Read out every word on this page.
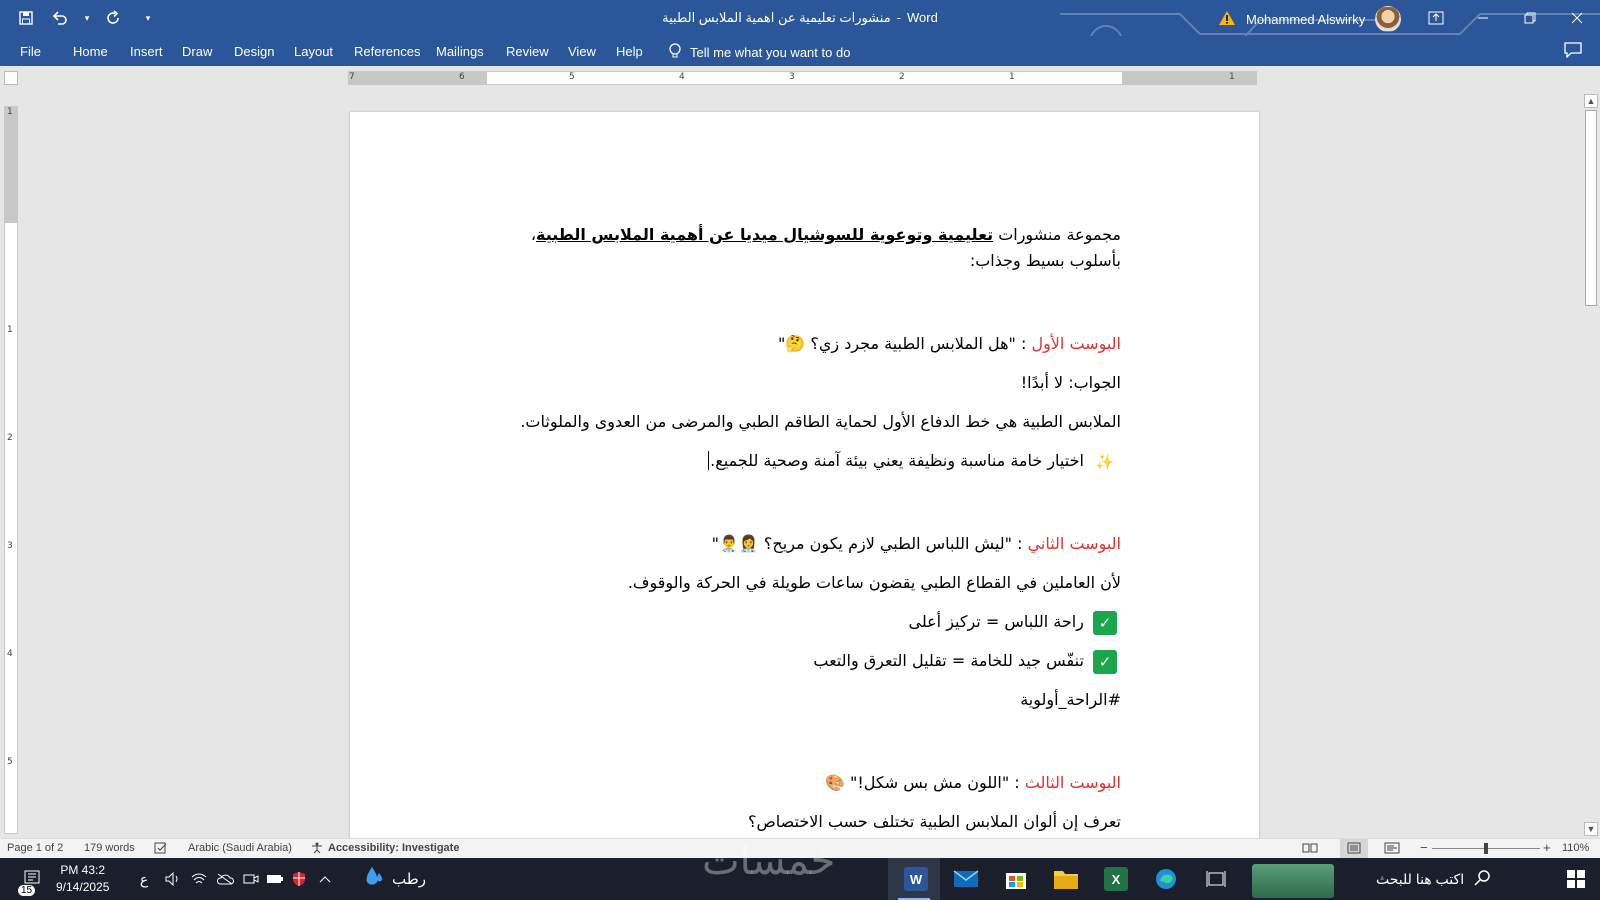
▾	▾	منشورات تعليمية عن اهمية الملابس الطبية - Word	Mohammed Alswirky
File Home Insert Draw Design Layout References Mailings Review View Help	Tell me what you want to do
7	6	5	4	3	2	1	1
1
1
2
3
4
5

مجموعة منشورات تعليمية وتوعوية للسوشيال ميديا عن أهمية الملابس الطبية، بأسلوب بسيط وجذاب:

البوست الأول : "هل الملابس الطبية مجرد زي؟ 🤔"

الجواب: لا أبدًا!

الملابس الطبية هي خط الدفاع الأول لحماية الطاقم الطبي والمرضى من العدوى والملوثات.

✨ اختيار خامة مناسبة ونظيفة يعني بيئة آمنة وصحية للجميع.

البوست الثاني : "ليش اللباس الطبي لازم يكون مريح؟ 👩‍⚕️👨‍⚕️"

لأن العاملين في القطاع الطبي يقضون ساعات طويلة في الحركة والوقوف.

✓ راحة اللباس = تركيز أعلى

✓ تنفّس جيد للخامة = تقليل التعرق والتعب

#الراحة_أولوية

البوست الثالث : "اللون مش بس شكل!" 🎨

تعرف إن ألوان الملابس الطبية تختلف حسب الاختصاص؟

▲
▼
Page 1 of 2 179 words	Arabic (Saudi Arabia)	Accessibility: Investigate	−	+ 110%
15
PM 43:2
9/14/2025
ع	رطب	W	X	اكتب هنا للبحث
خمسات
